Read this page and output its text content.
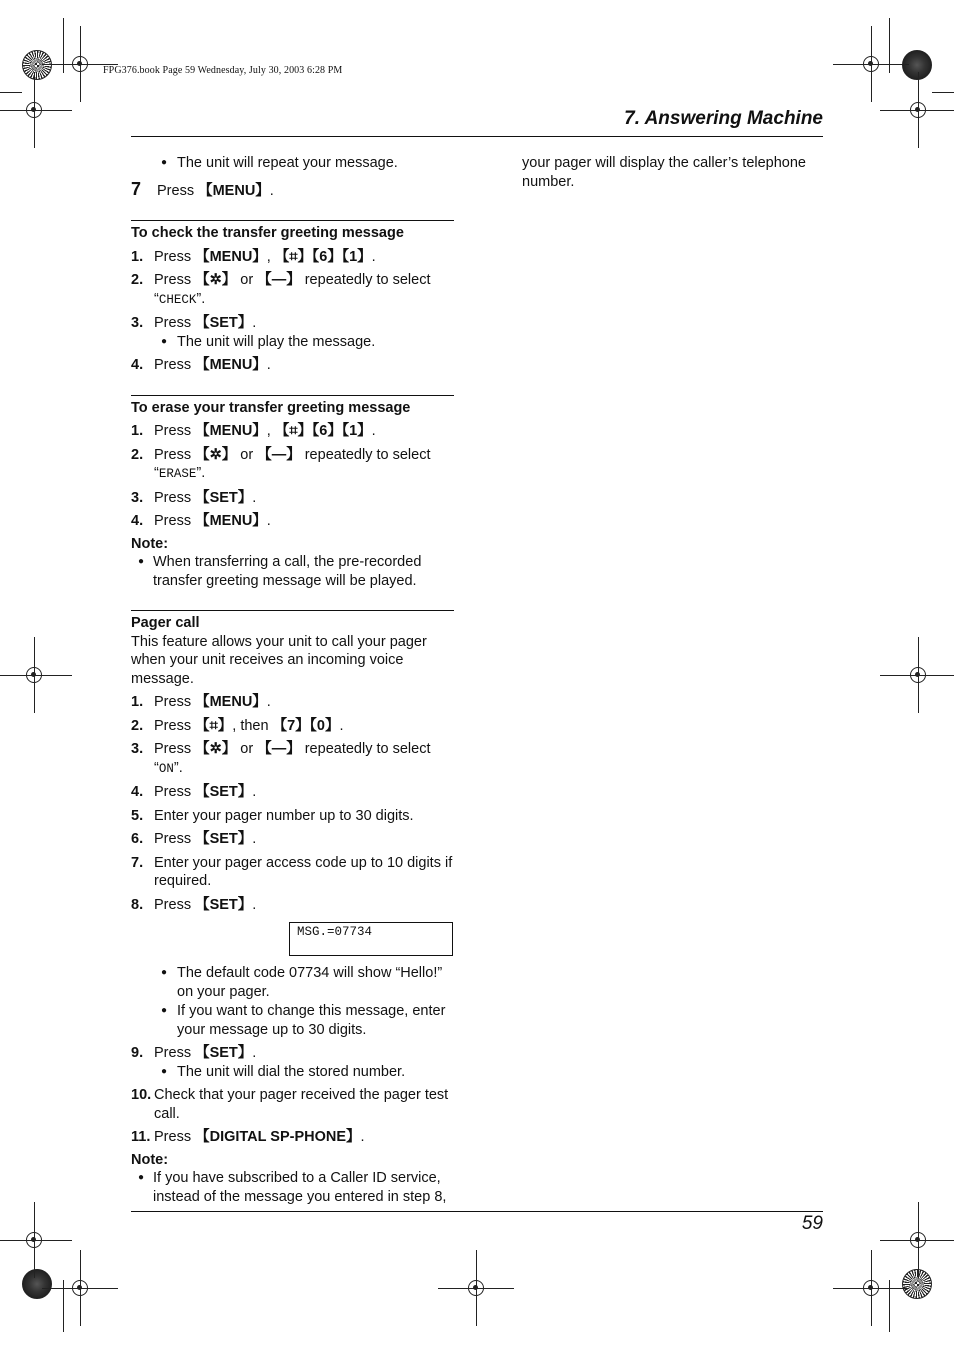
FPG376.book Page 59 Wednesday, July 30, 2003 6:28 PM
7. Answering Machine
● The unit will repeat your message.
7 Press 【MENU】.
To check the transfer greeting message
1. Press 【MENU】, 【⌗】【6】【1】.
2. Press 【✲】 or 【—】 repeatedly to select
“CHECK”.
3. Press 【SET】.
● The unit will play the message.
4. Press 【MENU】.
To erase your transfer greeting message
1. Press 【MENU】, 【⌗】【6】【1】.
2. Press 【✲】 or 【—】 repeatedly to select
“ERASE”.
3. Press 【SET】.
4. Press 【MENU】.
Note:
● When transferring a call, the pre-recorded transfer greeting message will be played.
Pager call
This feature allows your unit to call your pager when your unit receives an incoming voice message.
1. Press 【MENU】.
2. Press 【⌗】, then 【7】【0】.
3. Press 【✲】 or 【—】 repeatedly to select “ON”.
4. Press 【SET】.
5. Enter your pager number up to 30 digits.
6. Press 【SET】.
7. Enter your pager access code up to 10 digits if required.
8. Press 【SET】.
MSG.=07734
● The default code 07734 will show “Hello!” on your pager.
● If you want to change this message, enter your message up to 30 digits.
9. Press 【SET】.
● The unit will dial the stored number.
10. Check that your pager received the pager test call.
11. Press 【DIGITAL SP-PHONE】.
Note:
● If you have subscribed to a Caller ID service, instead of the message you entered in step 8,
your pager will display the caller’s telephone number.
59
